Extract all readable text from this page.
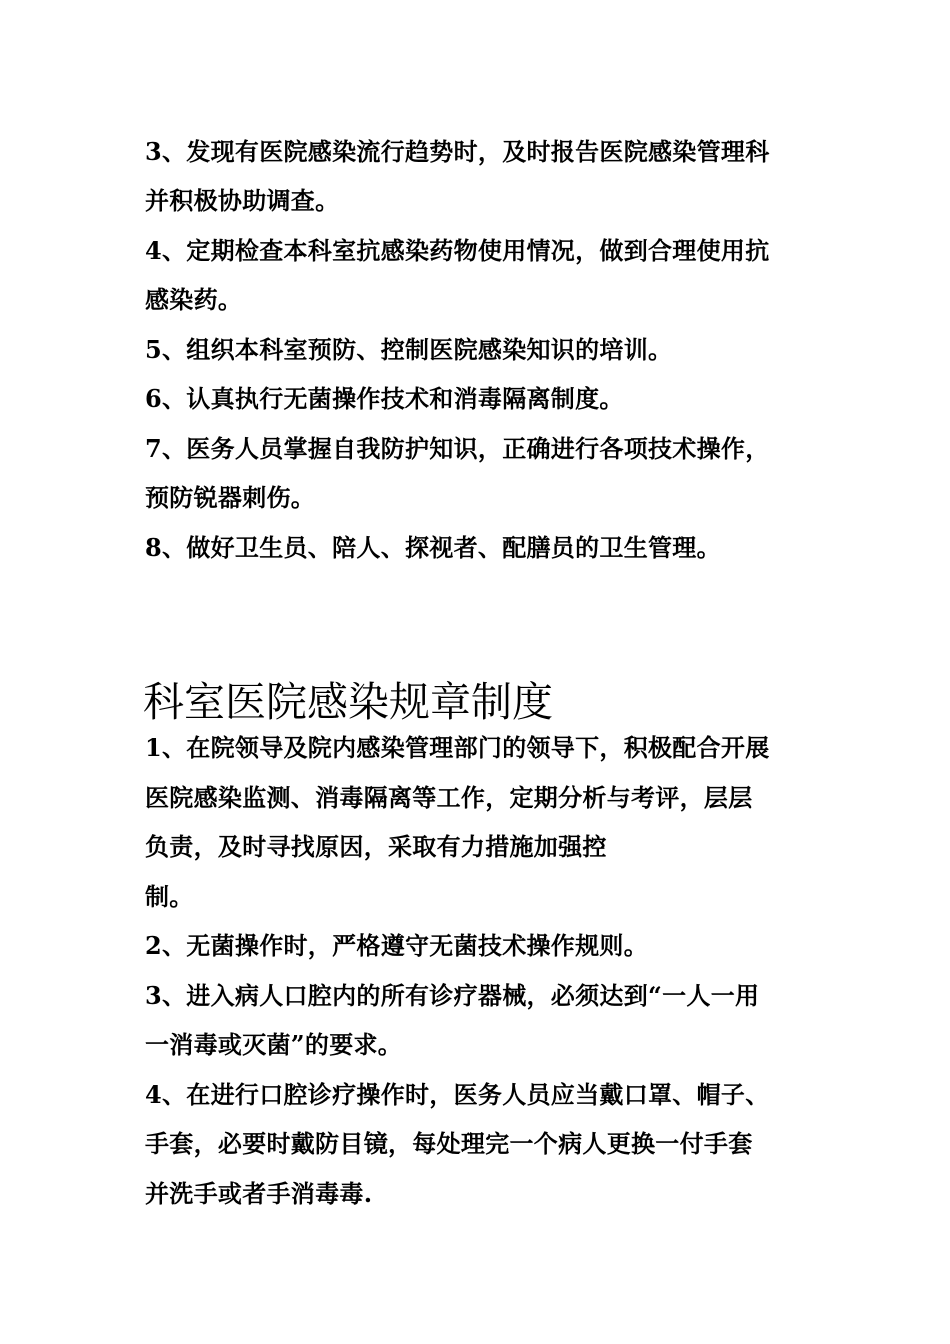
3、发现有医院感染流行趋势时，及时报告医院感染管理科
并积极协助调查。
4、定期检查本科室抗感染药物使用情况，做到合理使用抗
感染药。
5、组织本科室预防、控制医院感染知识的培训。
6、认真执行无菌操作技术和消毒隔离制度。
7、医务人员掌握自我防护知识，正确进行各项技术操作，
预防锐器刺伤。
8、做好卫生员、陪人、探视者、配膳员的卫生管理。
科室医院感染规章制度
1、在院领导及院内感染管理部门的领导下，积极配合开展
医院感染监测、消毒隔离等工作，定期分析与考评，层层
负责，及时寻找原因，采取有力措施加强控
制。
2、无菌操作时，严格遵守无菌技术操作规则。
3、进入病人口腔内的所有诊疗器械，必须达到“一人一用
一消毒或灭菌”的要求。
4、在进行口腔诊疗操作时，医务人员应当戴口罩、帽子、
手套，必要时戴防目镜，每处理完一个病人更换一付手套
并洗手或者手消毒毒.
